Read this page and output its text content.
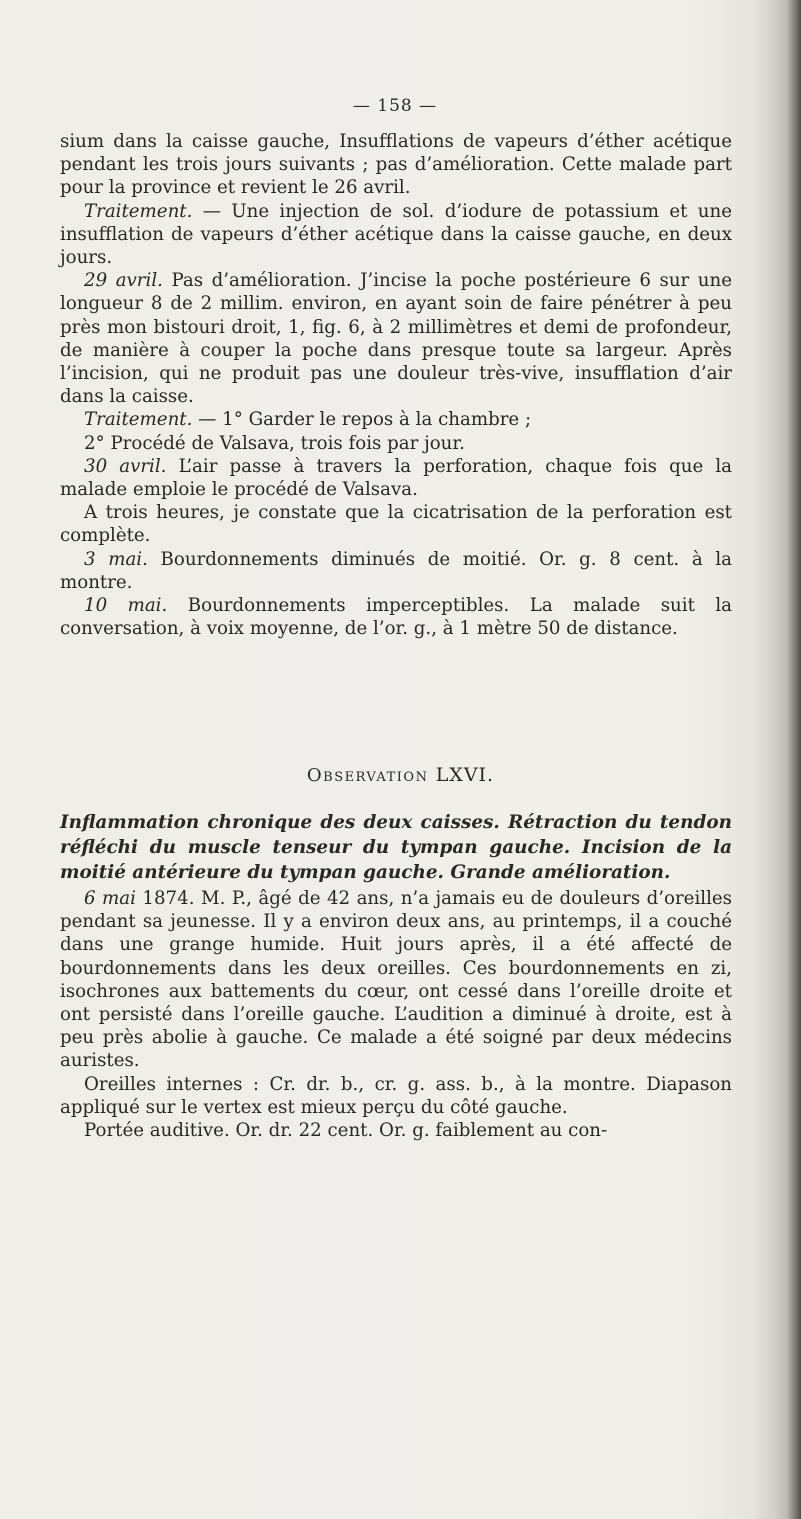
— 158 —

sium dans la caisse gauche, Insufflations de vapeurs d’éther acétique pendant les trois jours suivants ; pas d’amélioration. Cette malade part pour la province et revient le 26 avril.

Traitement. — Une injection de sol. d’iodure de potassium et une insufflation de vapeurs d’éther acétique dans la caisse gauche, en deux jours.

29 avril. Pas d’amélioration. J’incise la poche postérieure 6 sur une longueur 8 de 2 millim. environ, en ayant soin de faire pénétrer à peu près mon bistouri droit, 1, fig. 6, à 2 millimètres et demi de profondeur, de manière à couper la poche dans presque toute sa largeur. Après l’incision, qui ne produit pas une douleur très-vive, insufflation d’air dans la caisse.

Traitement. — 1° Garder le repos à la chambre ;

2° Procédé de Valsava, trois fois par jour.

30 avril. L’air passe à travers la perforation, chaque fois que la malade emploie le procédé de Valsava.

A trois heures, je constate que la cicatrisation de la perforation est complète.

3 mai. Bourdonnements diminués de moitié. Or. g. 8 cent. à la montre.

10 mai. Bourdonnements imperceptibles. La malade suit la conversation, à voix moyenne, de l’or. g., à 1 mètre 50 de distance.

Observation LXVI.

Inflammation chronique des deux caisses. Rétraction du tendon réfléchi du muscle tenseur du tympan gauche. Incision de la moitié antérieure du tympan gauche. Grande amélioration.

6 mai 1874. M. P., âgé de 42 ans, n’a jamais eu de douleurs d’oreilles pendant sa jeunesse. Il y a environ deux ans, au printemps, il a couché dans une grange humide. Huit jours après, il a été affecté de bourdonnements dans les deux oreilles. Ces bourdonnements en zi, isochrones aux battements du cœur, ont cessé dans l’oreille droite et ont persisté dans l’oreille gauche. L’audition a diminué à droite, est à peu près abolie à gauche. Ce malade a été soigné par deux médecins auristes.

Oreilles internes : Cr. dr. b., cr. g. ass. b., à la montre. Diapason appliqué sur le vertex est mieux perçu du côté gauche.

Portée auditive. Or. dr. 22 cent. Or. g. faiblement au con-
